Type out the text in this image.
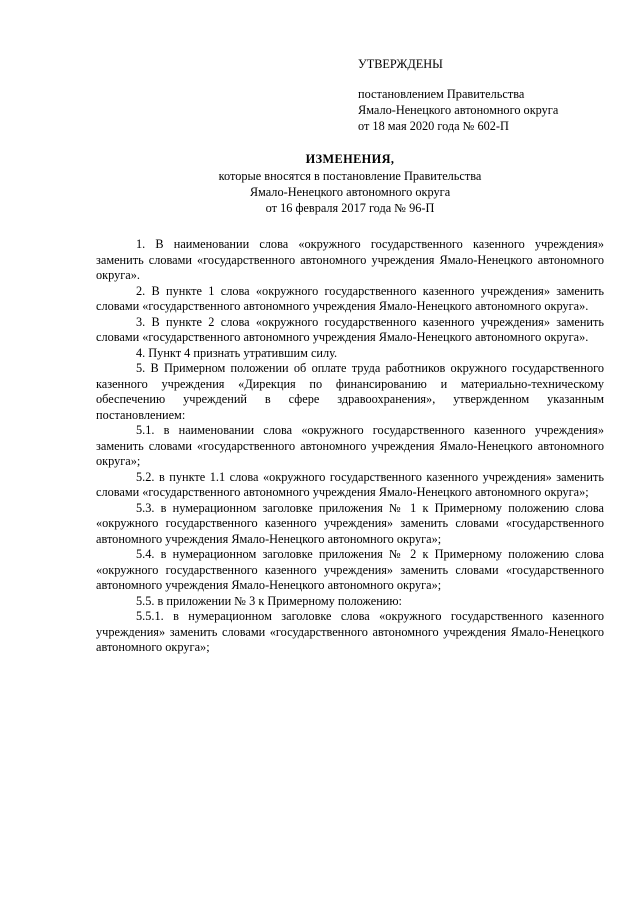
УТВЕРЖДЕНЫ
постановлением Правительства
Ямало-Ненецкого автономного округа
от 18 мая 2020 года № 602-П
ИЗМЕНЕНИЯ,
которые вносятся в постановление Правительства
Ямало-Ненецкого автономного округа
от 16 февраля 2017 года № 96-П

1. В наименовании слова «окружного государственного казенного учреждения» заменить словами «государственного автономного учреждения Ямало-Ненецкого автономного округа».

2. В пункте 1 слова «окружного государственного казенного учреждения» заменить словами «государственного автономного учреждения Ямало-Ненецкого автономного округа».

3. В пункте 2 слова «окружного государственного казенного учреждения» заменить словами «государственного автономного учреждения Ямало-Ненецкого автономного округа».

4. Пункт 4 признать утратившим силу.

5. В Примерном положении об оплате труда работников окружного государственного казенного учреждения «Дирекция по финансированию и материально-техническому обеспечению учреждений в сфере здравоохранения», утвержденном указанным постановлением:

5.1. в наименовании слова «окружного государственного казенного учреждения» заменить словами «государственного автономного учреждения Ямало-Ненецкого автономного округа»;

5.2. в пункте 1.1 слова «окружного государственного казенного учреждения» заменить словами «государственного автономного учреждения Ямало-Ненецкого автономного округа»;

5.3. в нумерационном заголовке приложения № 1 к Примерному положению слова «окружного государственного казенного учреждения» заменить словами «государственного автономного учреждения Ямало-Ненецкого автономного округа»;

5.4. в нумерационном заголовке приложения № 2 к Примерному положению слова «окружного государственного казенного учреждения» заменить словами «государственного автономного учреждения Ямало-Ненецкого автономного округа»;

5.5. в приложении № 3 к Примерному положению:

5.5.1. в нумерационном заголовке слова «окружного государственного казенного учреждения» заменить словами «государственного автономного учреждения Ямало-Ненецкого автономного округа»;
